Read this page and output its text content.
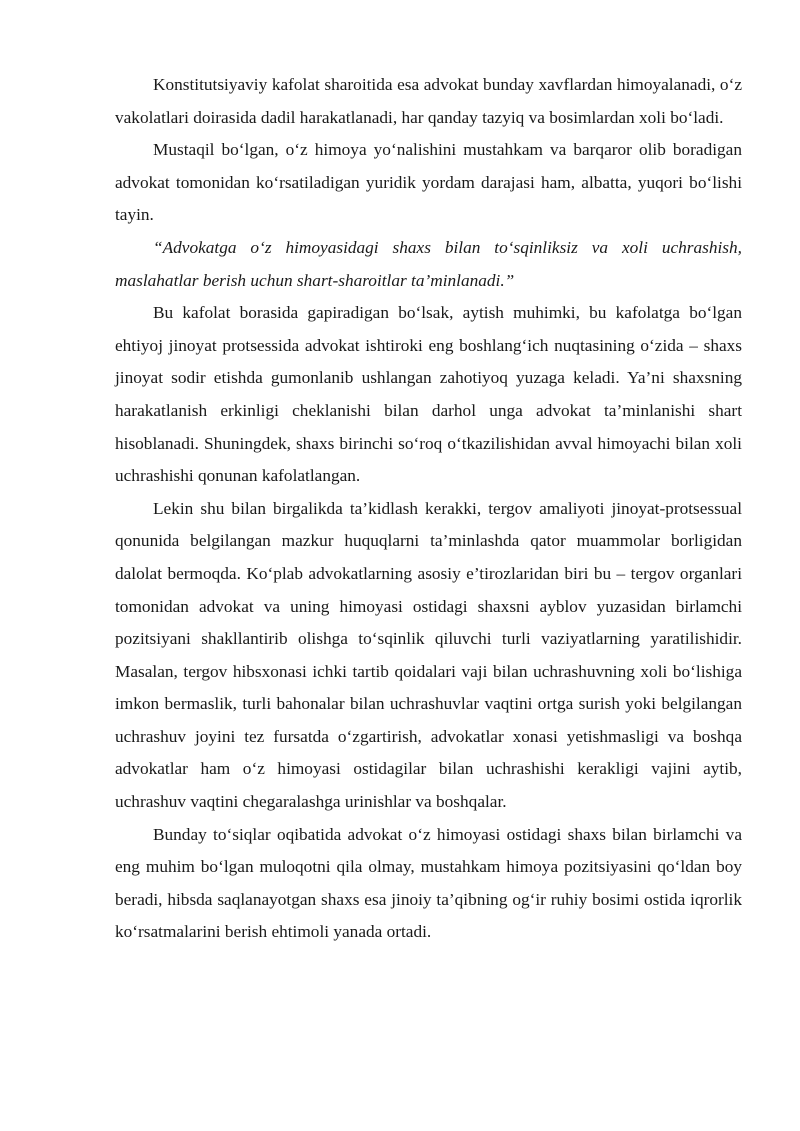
Konstitutsiyaviy kafolat sharoitida esa advokat bunday xavflardan himoyalanadi, o‘z vakolatlari doirasida dadil harakatlanadi, har qanday tazyiq va bosimlardan xoli bo‘ladi.

Mustaqil bo‘lgan, o‘z himoya yo‘nalishini mustahkam va barqaror olib boradigan advokat tomonidan ko‘rsatiladigan yuridik yordam darajasi ham, albatta, yuqori bo‘lishi tayin.

“Advokatga o‘z himoyasidagi shaxs bilan to‘sqinliksiz va xoli uchrashish, maslahatlar berish uchun shart-sharoitlar ta’minlanadi.”

Bu kafolat borasida gapiradigan bo‘lsak, aytish muhimki, bu kafolatga bo‘lgan ehtiyoj jinoyat protsessida advokat ishtiroki eng boshlang‘ich nuqtasining o‘zida – shaxs jinoyat sodir etishda gumonlanib ushlangan zahotiyoq yuzaga keladi. Ya’ni shaxsning harakatlanish erkinligi cheklanishi bilan darhol unga advokat ta’minlanishi shart hisoblanadi. Shuningdek, shaxs birinchi so‘roq o‘tkazilishidan avval himoyachi bilan xoli uchrashishi qonunan kafolatlangan.

Lekin shu bilan birgalikda ta’kidlash kerakki, tergov amaliyoti jinoyat-protsessual qonunida belgilangan mazkur huquqlarni ta’minlashda qator muammolar borligidan dalolat bermoqda. Ko‘plab advokatlarning asosiy e’tirozlaridan biri bu – tergov organlari tomonidan advokat va uning himoyasi ostidagi shaxsni ayblov yuzasidan birlamchi pozitsiyani shakllantirib olishga to‘sqinlik qiluvchi turli vaziyatlarning yaratilishidir. Masalan, tergov hibsxonasi ichki tartib qoidalari vaji bilan uchrashuvning xoli bo‘lishiga imkon bermaslik, turli bahonalar bilan uchrashuvlar vaqtini ortga surish yoki belgilangan uchrashuv joyini tez fursatda o‘zgartirish, advokatlar xonasi yetishmasligi va boshqa advokatlar ham o‘z himoyasi ostidagilar bilan uchrashishi kerakligi vajini aytib, uchrashuv vaqtini chegaralashga urinishlar va boshqalar.

Bunday to‘siqlar oqibatida advokat o‘z himoyasi ostidagi shaxs bilan birlamchi va eng muhim bo‘lgan muloqotni qila olmay, mustahkam himoya pozitsiyasini qo‘ldan boy beradi, hibsda saqlanayotgan shaxs esa jinoiy ta’qibning og‘ir ruhiy bosimi ostida iqrorlik ko‘rsatmalarini berish ehtimoli yanada ortadi.
